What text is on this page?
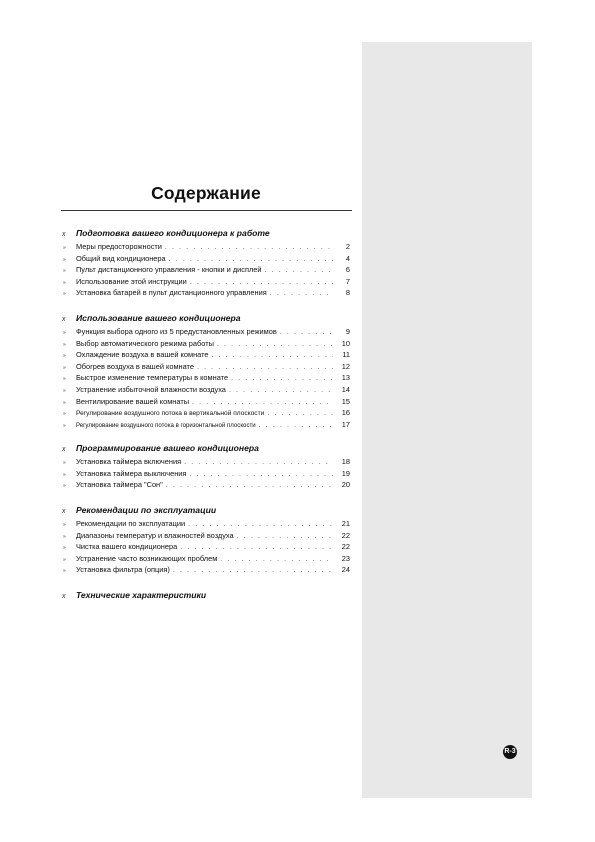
Содержание
x	Подготовка вашего кондиционера к работе
»	Меры предосторожности . . .	2
»	Общий вид кондиционера . . .	4
»	Пульт дистанционного управления - кнопки и дисплей . . .	6
»	Использование этой инструкции . . .	7
»	Установка батарей в пульт дистанционного управления . . .	8
x	Использование вашего кондиционера
»	Функция выбора одного из 5 предустановленных режимов . . .	9
»	Выбор автоматического режима работы . . .	10
»	Охлаждение воздуха в вашей комнате . . .	11
»	Обогрев воздуха в вашей комнате . . .	12
»	Быстрое изменение температуры в комнате . . .	13
»	Устранение избыточной влажности воздуха . . .	14
»	Вентилирование вашей комнаты . . .	15
»	Регулирование воздушного потока в вертикальной плоскости . . .	16
»	Регулирование воздушного потока в горизонтальной плоскости . . .	17
x	Программирование вашего кондиционера
»	Установка таймера включения . . .	18
»	Установка таймера выключения . . .	19
»	Установка таймера "Сон" . . .	20
x	Рекомендации по эксплуатации
»	Рекомендации по эксплуатации . . .	21
»	Диапазоны температур и влажностей воздуха . . .	22
»	Чистка вашего кондиционера . . .	22
»	Устранение часто возникающих проблем . . .	23
»	Установка фильтра (опция) . . .	24
x	Технические характеристики
R-3
